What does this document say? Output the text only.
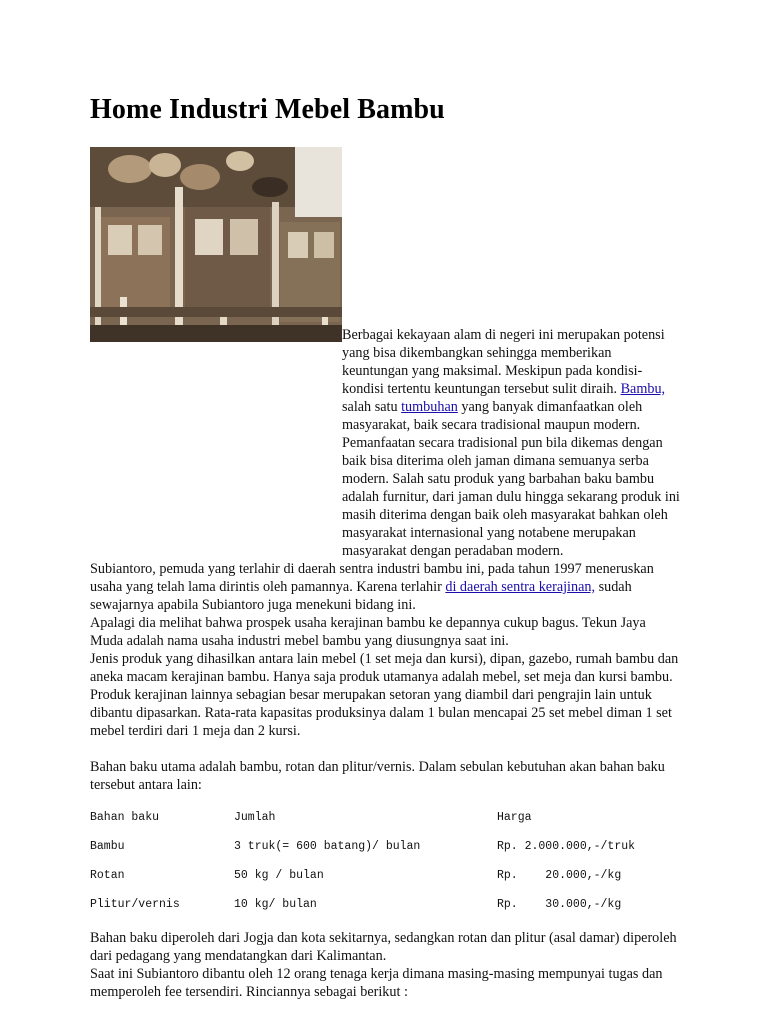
Home Industri Mebel Bambu

Berbagai kekayaan alam di negeri ini merupakan potensi yang bisa dikembangkan sehingga memberikan keuntungan yang maksimal. Meskipun pada kondisi-kondisi tertentu keuntungan tersebut sulit diraih. Bambu, salah satu tumbuhan yang banyak dimanfaatkan oleh masyarakat, baik secara tradisional maupun modern. Pemanfaatan secara tradisional pun bila dikemas dengan baik bisa diterima oleh jaman dimana semuanya serba modern. Salah satu produk yang barbahan baku bambu adalah furnitur, dari jaman dulu hingga sekarang produk ini masih diterima dengan baik oleh masyarakat bahkan oleh masyarakat internasional yang notabene merupakan masyarakat dengan peradaban modern.

Subiantoro, pemuda yang terlahir di daerah sentra industri bambu ini, pada tahun 1997 meneruskan usaha yang telah lama dirintis oleh pamannya. Karena terlahir di daerah sentra kerajinan, sudah sewajarnya apabila Subiantoro juga menekuni bidang ini.

Apalagi dia melihat bahwa prospek usaha kerajinan bambu ke depannya cukup bagus. Tekun Jaya Muda adalah nama usaha industri mebel bambu yang diusungnya saat ini.

Jenis produk yang dihasilkan antara lain mebel (1 set meja dan kursi), dipan, gazebo, rumah bambu dan aneka macam kerajinan bambu. Hanya saja produk utamanya adalah mebel, set meja dan kursi bambu.

Produk kerajinan lainnya sebagian besar merupakan setoran yang diambil dari pengrajin lain untuk dibantu dipasarkan. Rata-rata kapasitas produksinya dalam 1 bulan mencapai 25 set mebel diman 1 set mebel terdiri dari 1 meja dan 2 kursi.

Bahan baku utama adalah bambu, rotan dan plitur/vernis. Dalam sebulan kebutuhan akan bahan baku tersebut antara lain:

Bahan baku	Jumlah	Harga
Bambu	3 truk(= 600 batang)/ bulan	Rp. 2.000.000,-/truk
Rotan	50 kg / bulan	Rp.    20.000,-/kg
Plitur/vernis	10 kg/ bulan	Rp.    30.000,-/kg

Bahan baku diperoleh dari Jogja dan kota sekitarnya, sedangkan rotan dan plitur (asal damar) diperoleh dari pedagang yang mendatangkan dari Kalimantan.

Saat ini Subiantoro dibantu oleh 12 orang tenaga kerja dimana masing-masing mempunyai tugas dan memperoleh fee tersendiri. Rinciannya sebagai berikut :
